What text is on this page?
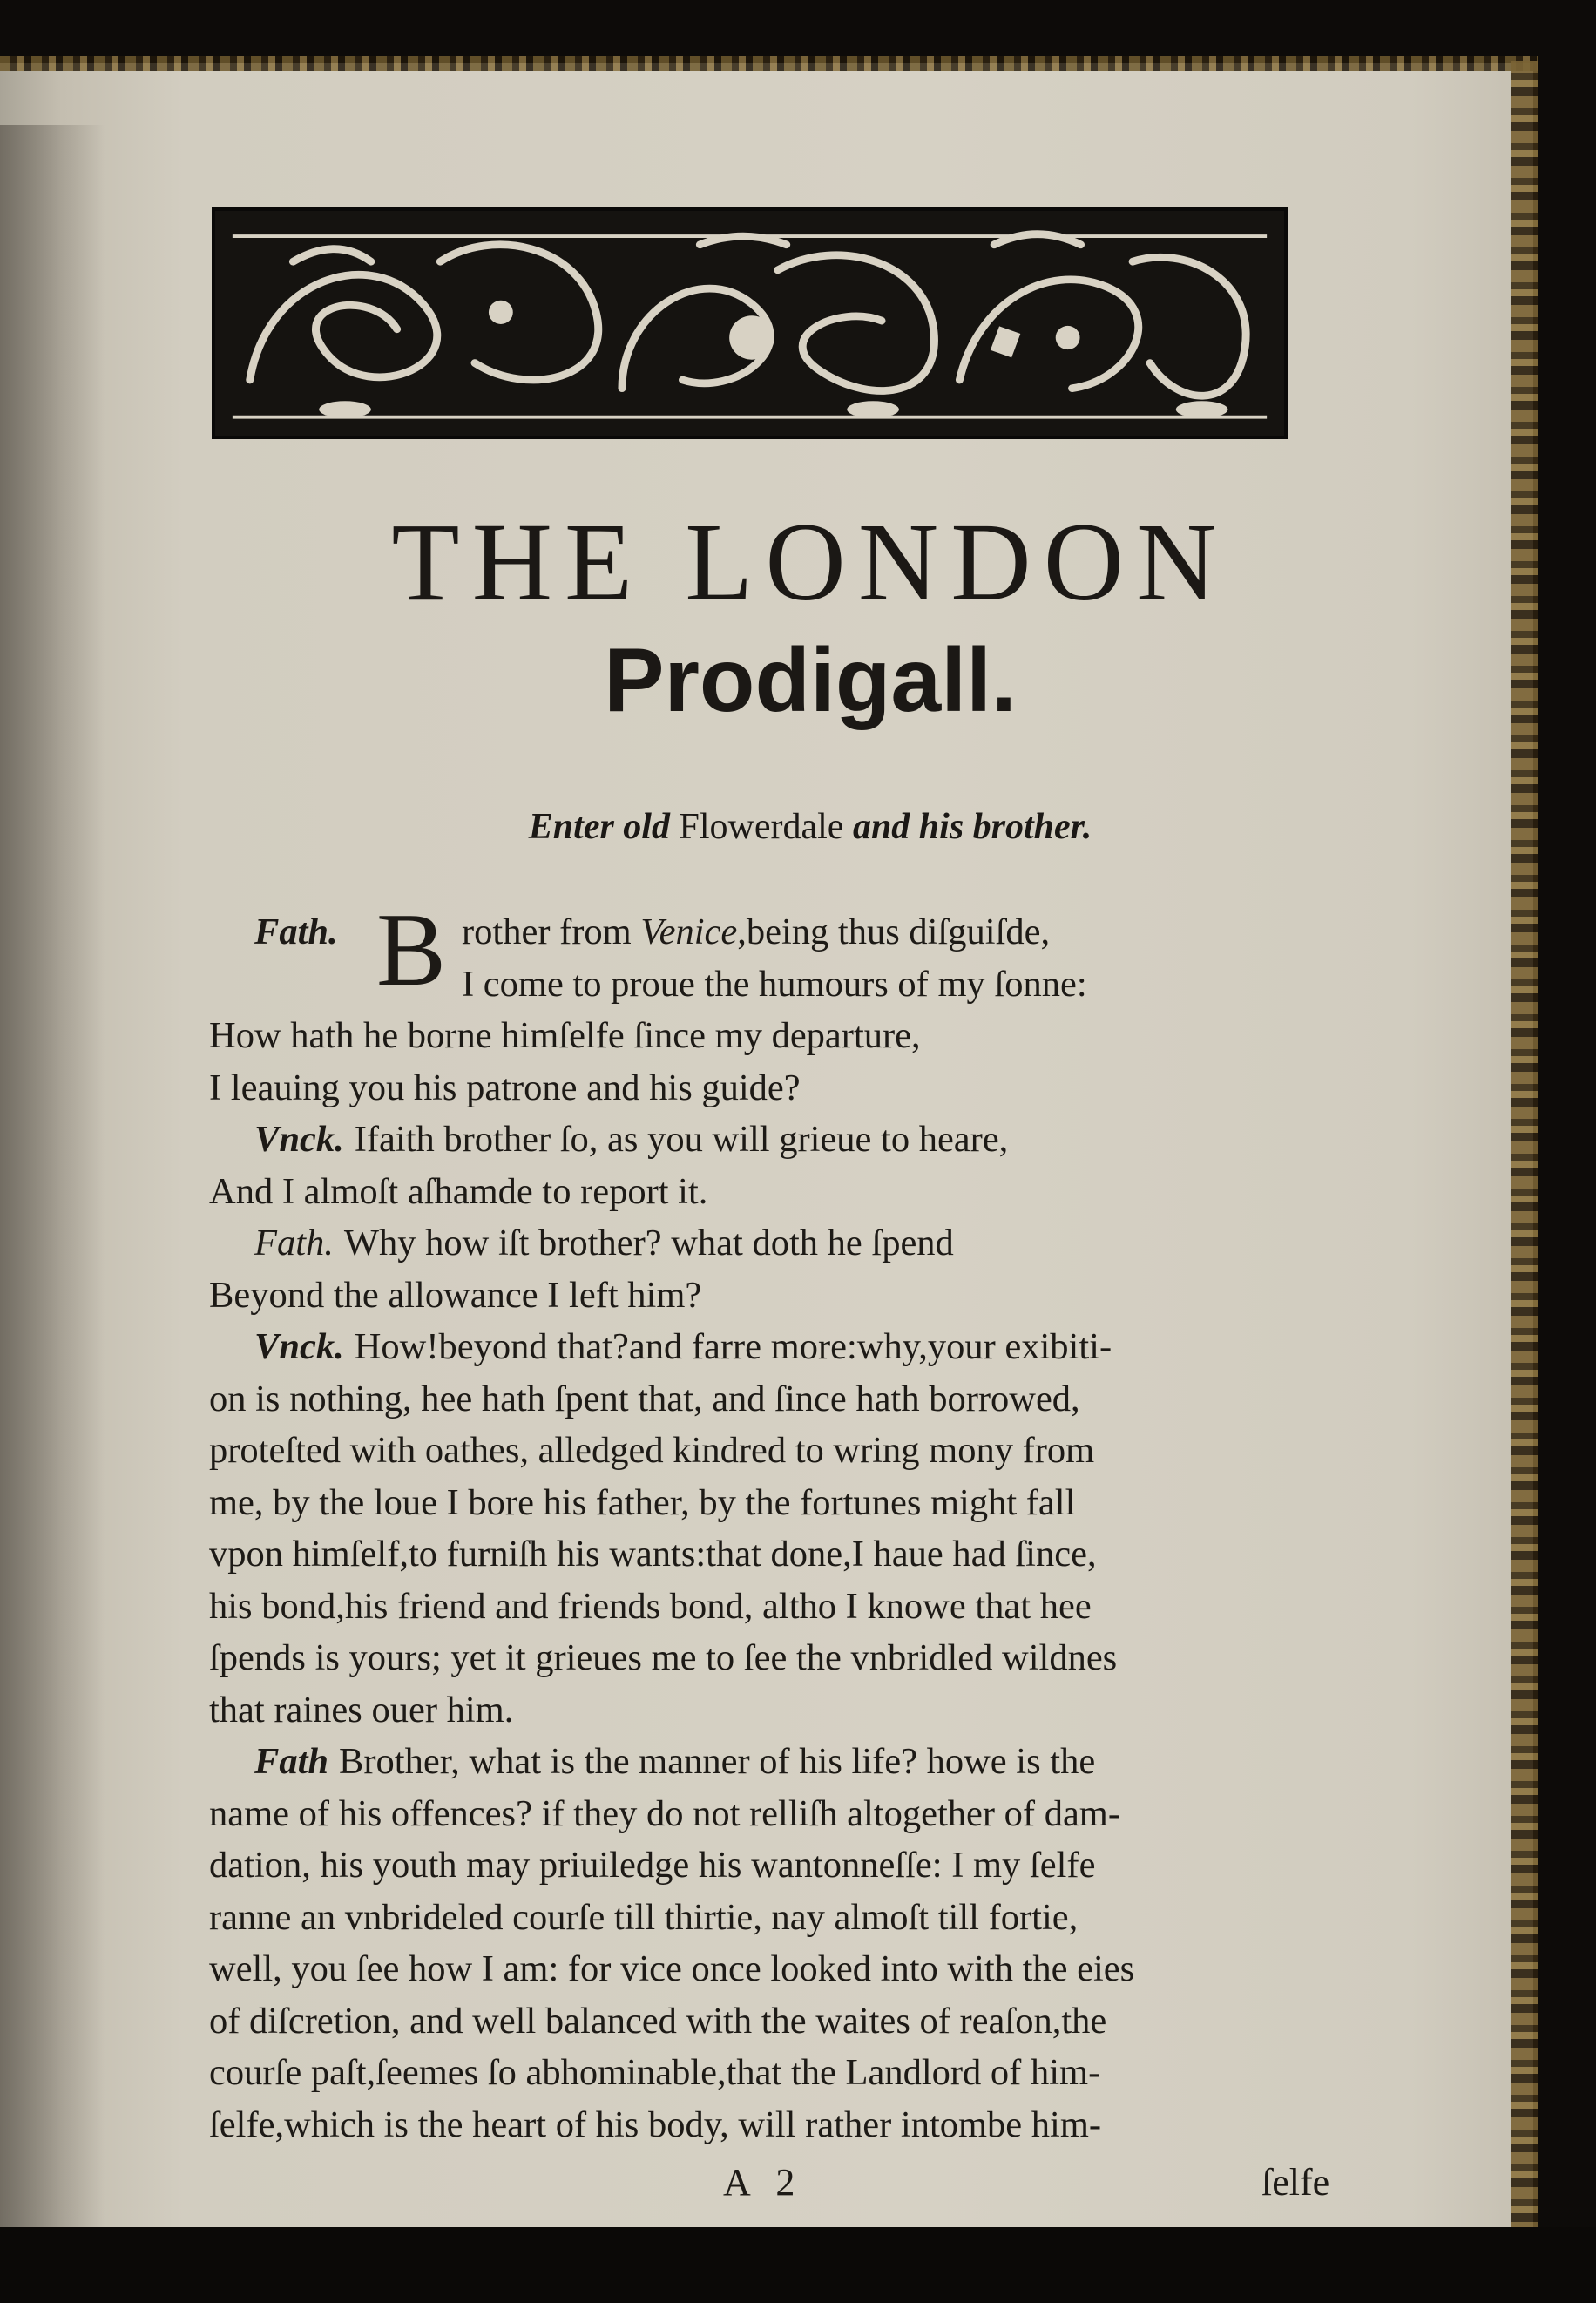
THE LONDON
Prodigall.
Enter old Flowerdale and his brother.
Fath. B rother from Venice,being thus diſguiſde,
I come to proue the humours of my ſonne:
How hath he borne himſelfe ſince my departure,
I leauing you his patrone and his guide?
Vnck. Ifaith brother ſo, as you will grieue to heare,
And I almoſt aſhamde to report it.
Fath. Why how iſt brother? what doth he ſpend
Beyond the allowance I left him?
Vnck. How!beyond that?and farre more:why,your exibiti-
on is nothing, hee hath ſpent that, and ſince hath borrowed,
proteſted with oathes, alledged kindred to wring mony from
me, by the loue I bore his father, by the fortunes might fall
vpon himſelf,to furniſh his wants:that done,I haue had ſince,
his bond,his friend and friends bond, altho I knowe that hee
ſpends is yours; yet it grieues me to ſee the vnbridled wildnes
that raines ouer him.
Fath Brother, what is the manner of his life? howe is the
name of his offences? if they do not relliſh altogether of dam-
dation, his youth may priuiledge his wantonneſſe: I my ſelfe
ranne an vnbrideled courſe till thirtie, nay almoſt till fortie,
well, you ſee how I am: for vice once looked into with the eies
of diſcretion, and well balanced with the waites of reaſon,the
courſe paſt,ſeemes ſo abhominable,that the Landlord of him-
ſelfe,which is the heart of his body, will rather intombe him-
A 2	ſelfe
